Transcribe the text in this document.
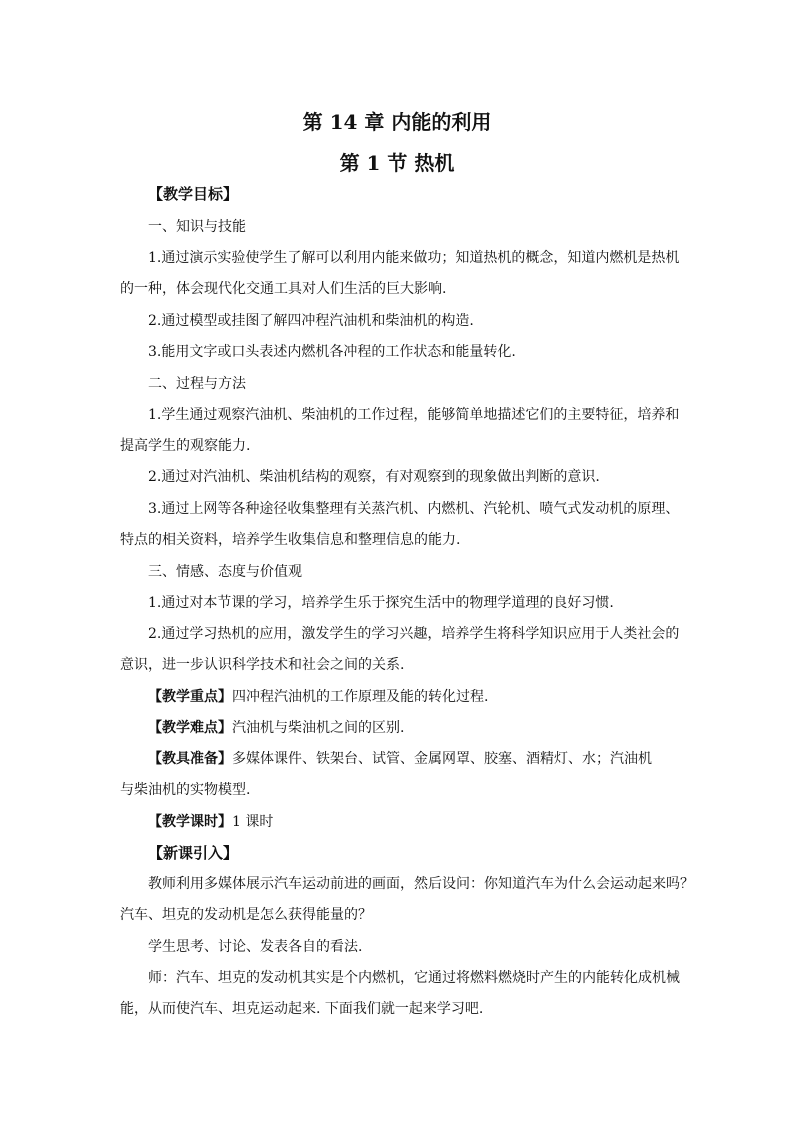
第 14 章 内能的利用
第 1 节 热机
【教学目标】
一、知识与技能
1.通过演示实验使学生了解可以利用内能来做功；知道热机的概念，知道内燃机是热机
的一种，体会现代化交通工具对人们生活的巨大影响.
2.通过模型或挂图了解四冲程汽油机和柴油机的构造.
3.能用文字或口头表述内燃机各冲程的工作状态和能量转化.
二、过程与方法
1.学生通过观察汽油机、柴油机的工作过程，能够简单地描述它们的主要特征，培养和
提高学生的观察能力.
2.通过对汽油机、柴油机结构的观察，有对观察到的现象做出判断的意识.
3.通过上网等各种途径收集整理有关蒸汽机、内燃机、汽轮机、喷气式发动机的原理、
特点的相关资料，培养学生收集信息和整理信息的能力.
三、情感、态度与价值观
1.通过对本节课的学习，培养学生乐于探究生活中的物理学道理的良好习惯.
2.通过学习热机的应用，激发学生的学习兴趣，培养学生将科学知识应用于人类社会的
意识，进一步认识科学技术和社会之间的关系.
【教学重点】四冲程汽油机的工作原理及能的转化过程.
【教学难点】汽油机与柴油机之间的区别.
【教具准备】多媒体课件、铁架台、试管、金属网罩、胶塞、酒精灯、水；汽油机
与柴油机的实物模型.
【教学课时】1 课时
【新课引入】
教师利用多媒体展示汽车运动前进的画面，然后设问：你知道汽车为什么会运动起来吗？
汽车、坦克的发动机是怎么获得能量的？
学生思考、讨论、发表各自的看法.
师：汽车、坦克的发动机其实是个内燃机，它通过将燃料燃烧时产生的内能转化成机械
能，从而使汽车、坦克运动起来. 下面我们就一起来学习吧.
